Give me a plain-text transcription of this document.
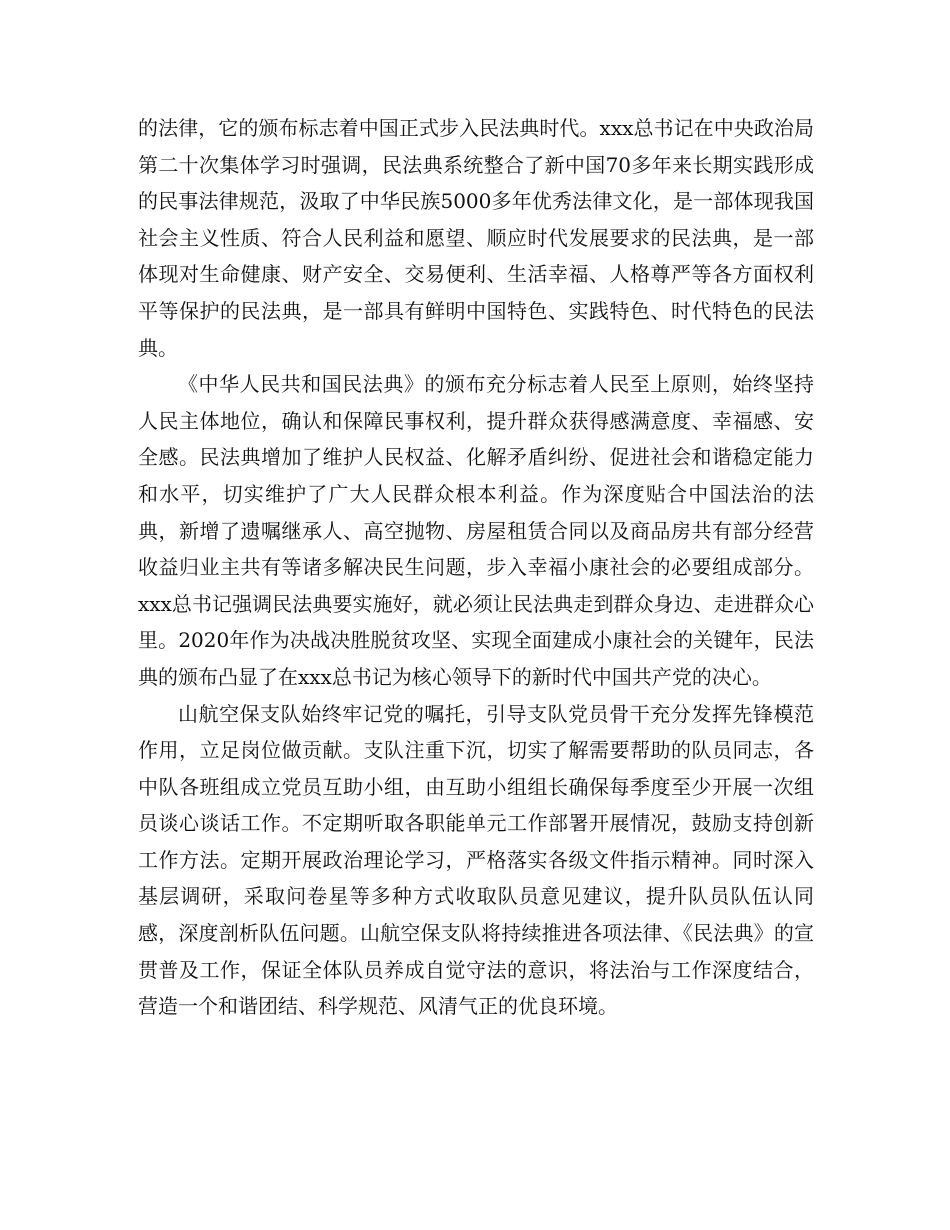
的法律，它的颁布标志着中国正式步入民法典时代。xxx总书记在中央政治局第二十次集体学习时强调，民法典系统整合了新中国70多年来长期实践形成的民事法律规范，汲取了中华民族5000多年优秀法律文化，是一部体现我国社会主义性质、符合人民利益和愿望、顺应时代发展要求的民法典，是一部体现对生命健康、财产安全、交易便利、生活幸福、人格尊严等各方面权利平等保护的民法典，是一部具有鲜明中国特色、实践特色、时代特色的民法典。

《中华人民共和国民法典》的颁布充分标志着人民至上原则，始终坚持人民主体地位，确认和保障民事权利，提升群众获得感满意度、幸福感、安全感。民法典增加了维护人民权益、化解矛盾纠纷、促进社会和谐稳定能力和水平，切实维护了广大人民群众根本利益。作为深度贴合中国法治的法典，新增了遗嘱继承人、高空抛物、房屋租赁合同以及商品房共有部分经营收益归业主共有等诸多解决民生问题，步入幸福小康社会的必要组成部分。xxx总书记强调民法典要实施好，就必须让民法典走到群众身边、走进群众心里。2020年作为决战决胜脱贫攻坚、实现全面建成小康社会的关键年，民法典的颁布凸显了在xxx总书记为核心领导下的新时代中国共产党的决心。

山航空保支队始终牢记党的嘱托，引导支队党员骨干充分发挥先锋模范作用，立足岗位做贡献。支队注重下沉，切实了解需要帮助的队员同志，各中队各班组成立党员互助小组，由互助小组组长确保每季度至少开展一次组员谈心谈话工作。不定期听取各职能单元工作部署开展情况，鼓励支持创新工作方法。定期开展政治理论学习，严格落实各级文件指示精神。同时深入基层调研，采取问卷星等多种方式收取队员意见建议，提升队员队伍认同感，深度剖析队伍问题。山航空保支队将持续推进各项法律、《民法典》的宣贯普及工作，保证全体队员养成自觉守法的意识，将法治与工作深度结合，营造一个和谐团结、科学规范、风清气正的优良环境。
